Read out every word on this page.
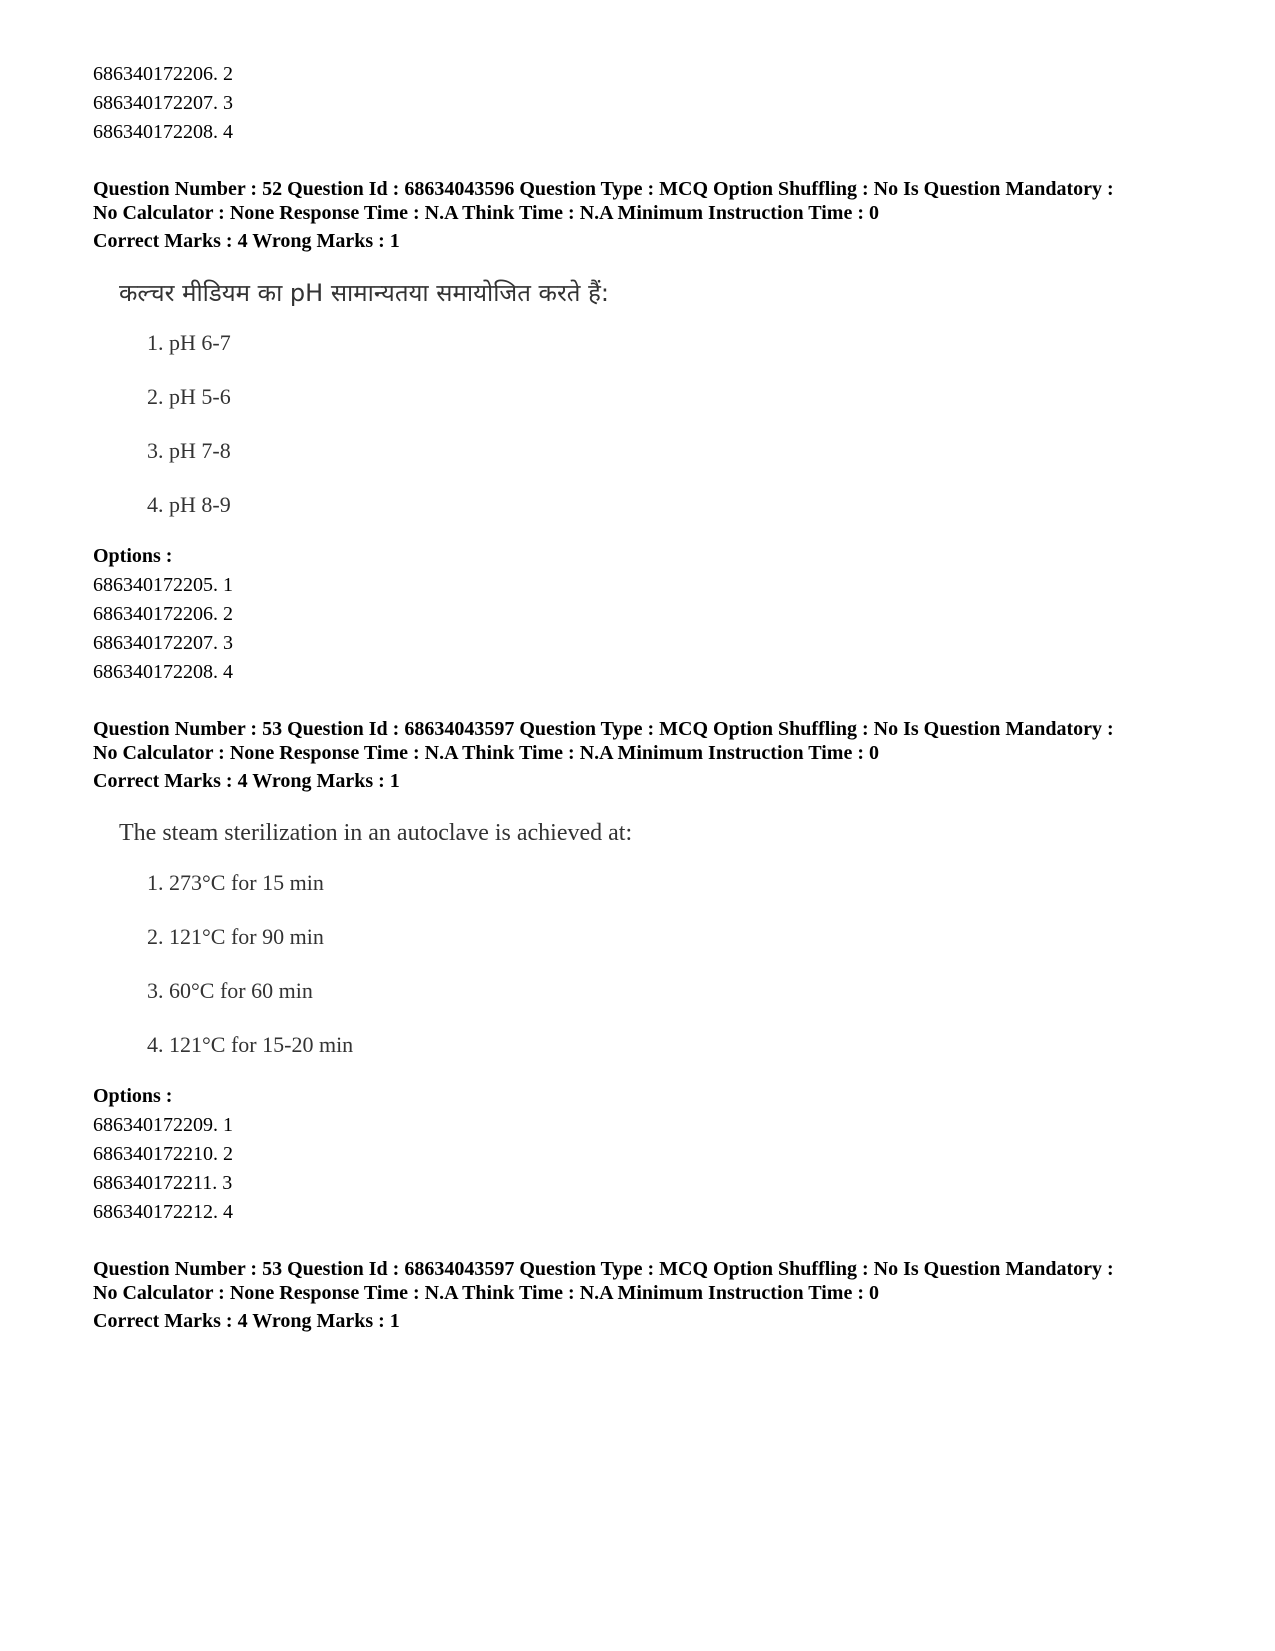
686340172206. 2
686340172207. 3
686340172208. 4
Question Number : 52 Question Id : 68634043596 Question Type : MCQ Option Shuffling : No Is Question Mandatory :
No Calculator : None Response Time : N.A Think Time : N.A Minimum Instruction Time : 0
Correct Marks : 4 Wrong Marks : 1
कल्चर मीडियम का pH सामान्यतया समायोजित करते हैं:
1. pH 6-7
2. pH 5-6
3. pH 7-8
4. pH 8-9
Options :
686340172205. 1
686340172206. 2
686340172207. 3
686340172208. 4
Question Number : 53 Question Id : 68634043597 Question Type : MCQ Option Shuffling : No Is Question Mandatory :
No Calculator : None Response Time : N.A Think Time : N.A Minimum Instruction Time : 0
Correct Marks : 4 Wrong Marks : 1
The steam sterilization in an autoclave is achieved at:
1. 273°C for 15 min
2. 121°C for 90 min
3. 60°C for 60 min
4. 121°C for 15-20 min
Options :
686340172209. 1
686340172210. 2
686340172211. 3
686340172212. 4
Question Number : 53 Question Id : 68634043597 Question Type : MCQ Option Shuffling : No Is Question Mandatory :
No Calculator : None Response Time : N.A Think Time : N.A Minimum Instruction Time : 0
Correct Marks : 4 Wrong Marks : 1
